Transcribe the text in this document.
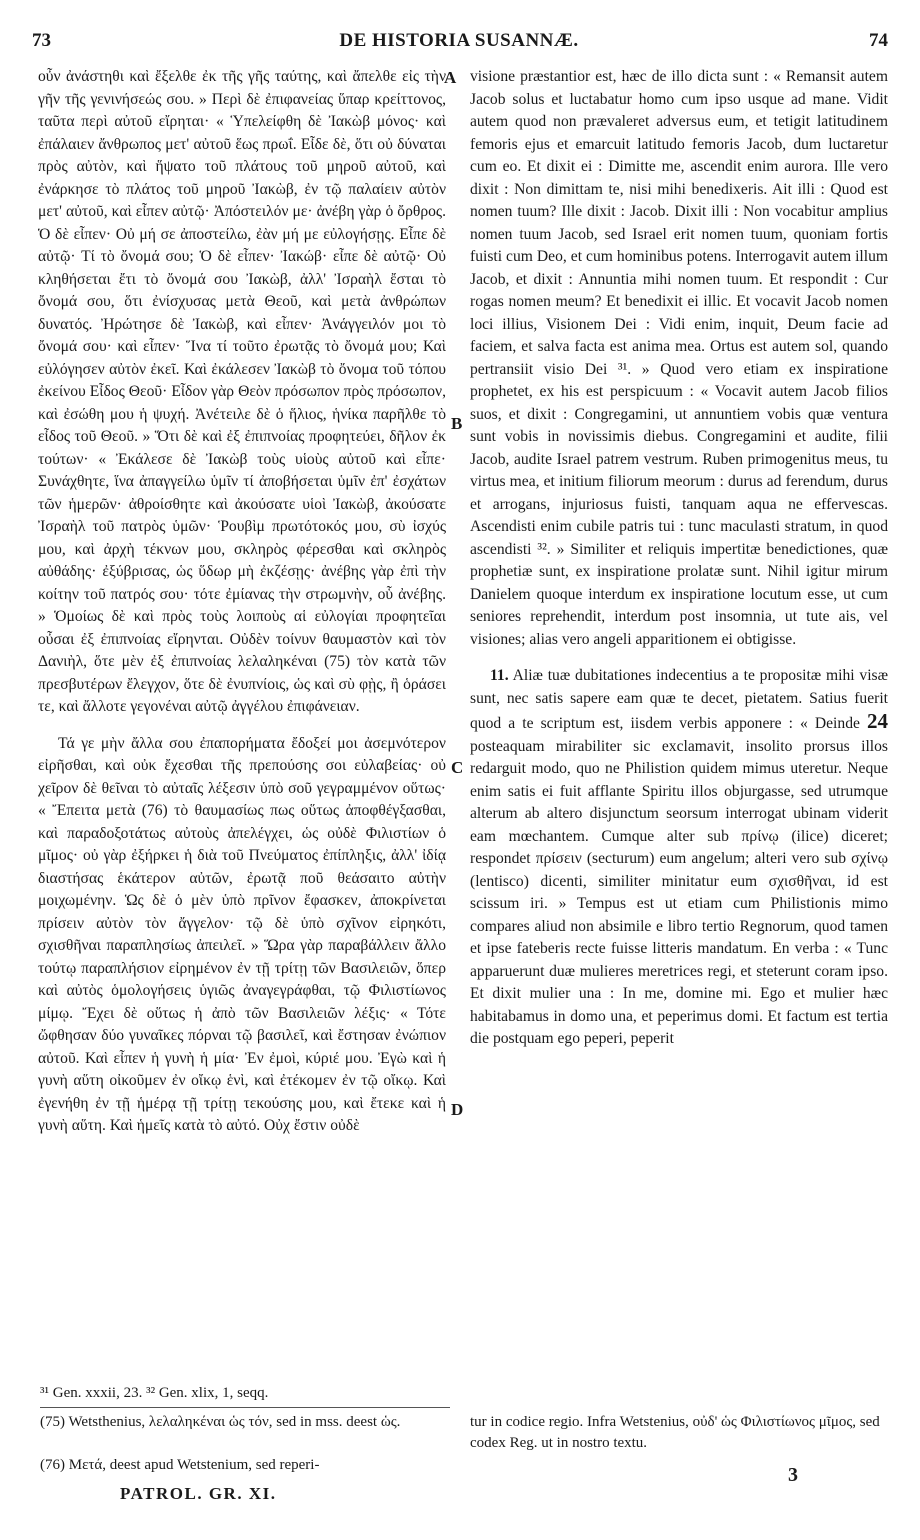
73	DE HISTORIA SUSANNÆ.	74

οὖν ἀνάστηθι καὶ ἔξελθε ἐκ τῆς γῆς ταύτης, καὶ ἄπελθε εἰς τὴν γῆν τῆς γενινήσεώς σου. » Περὶ δὲ ἐπιφανείας ὕπαρ κρείττονος, ταῦτα περὶ αὐτοῦ εἴρηται· « Ὑπελείφθη δὲ Ἰακὼβ μόνος· καὶ ἐπάλαιεν ἄνθρωπος μετ' αὐτοῦ ἕως πρωΐ. Εἶδε δὲ, ὅτι οὐ δύναται πρὸς αὐτὸν, καὶ ἥψατο τοῦ πλάτους τοῦ μηροῦ αὐτοῦ, καὶ ἐνάρκησε τὸ πλάτος τοῦ μηροῦ Ἰακὼβ, ἐν τῷ παλαίειν αὐτὸν μετ' αὐτοῦ, καὶ εἶπεν αὐτῷ· Ἀπόστειλόν με· ἀνέβη γὰρ ὁ ὄρθρος. Ὁ δὲ εἶπεν· Οὐ μή σε ἀποστείλω, ἐὰν μή με εὐλογήσῃς. Εἶπε δὲ αὐτῷ· Τί τὸ ὄνομά σου; Ὁ δὲ εἶπεν· Ἰακώβ· εἶπε δὲ αὐτῷ· Οὐ κληθήσεται ἔτι τὸ ὄνομά σου Ἰακὼβ, ἀλλ' Ἰσραὴλ ἔσται τὸ ὄνομά σου, ὅτι ἐνίσχυσας μετὰ Θεοῦ, καὶ μετὰ ἀνθρώπων δυνατός. Ἠρώτησε δὲ Ἰακὼβ, καὶ εἶπεν· Ἀνάγγειλόν μοι τὸ ὄνομά σου· καὶ εἶπεν· Ἵνα τί τοῦτο ἐρωτᾷς τὸ ὄνομά μου; Καὶ εὐλόγησεν αὐτὸν ἐκεῖ. Καὶ ἐκάλεσεν Ἰακὼβ τὸ ὄνομα τοῦ τόπου ἐκείνου Εἶδος Θεοῦ· Εἶδον γὰρ Θεὸν πρόσωπον πρὸς πρόσωπον, καὶ ἐσώθη μου ἡ ψυχή. Ἀνέτειλε δὲ ὁ ἥλιος, ἡνίκα παρῆλθε τὸ εἶδος τοῦ Θεοῦ. » Ὅτι δὲ καὶ ἐξ ἐπιπνοίας προφητεύει, δῆλον ἐκ τούτων· « Ἐκάλεσε δὲ Ἰακὼβ τοὺς υἱοὺς αὐτοῦ καὶ εἶπε· Συνάχθητε, ἵνα ἀπαγγείλω ὑμῖν τί ἀποβήσεται ὑμῖν ἐπ' ἐσχάτων τῶν ἡμερῶν· ἀθροίσθητε καὶ ἀκούσατε υἱοὶ Ἰακὼβ, ἀκούσατε Ἰσραὴλ τοῦ πατρὸς ὑμῶν· Ῥουβὶμ πρωτότοκός μου, σὺ ἰσχύς μου, καὶ ἀρχὴ τέκνων μου, σκληρὸς φέρεσθαι καὶ σκληρὸς αὐθάδης· ἐξύβρισας, ὡς ὕδωρ μὴ ἐκζέσῃς· ἀνέβης γὰρ ἐπὶ τὴν κοίτην τοῦ πατρός σου· τότε ἐμίανας τὴν στρωμνὴν, οὗ ἀνέβης. » Ὁμοίως δὲ καὶ πρὸς τοὺς λοιποὺς αἱ εὐλογίαι προφητεῖαι οὖσαι ἐξ ἐπιπνοίας εἴρηνται. Οὐδὲν τοίνυν θαυμαστὸν καὶ τὸν Δανιὴλ, ὅτε μὲν ἐξ ἐπιπνοίας λελαληκέναι (75) τὸν κατὰ τῶν πρεσβυτέρων ἔλεγχον, ὅτε δὲ ἐνυπνίοις, ὡς καὶ σὺ φῂς, ἢ ὁράσει τε, καὶ ἄλλοτε γεγονέναι αὐτῷ ἀγγέλου ἐπιφάνειαν.

Τά γε μὴν ἄλλα σου ἐπαπορήματα ἔδοξεί μοι ἀσεμνότερον εἰρῆσθαι, καὶ οὐκ ἔχεσθαι τῆς πρεπούσης σοι εὐλαβείας· οὐ χεῖρον δὲ θεῖναι τὸ αὐταῖς λέξεσιν ὑπὸ σοῦ γεγραμμένον οὕτως· « Ἔπειτα μετὰ (76) τὸ θαυμασίως πως οὕτως ἀποφθέγξασθαι, καὶ παραδοξοτάτως αὐτοὺς ἀπελέγχει, ὡς οὐδὲ Φιλιστίων ὁ μῖμος· οὐ γὰρ ἐξήρκει ἡ διὰ τοῦ Πνεύματος ἐπίπληξις, ἀλλ' ἰδίᾳ διαστήσας ἑκάτερον αὐτῶν, ἐρωτᾷ ποῦ θεάσαιτο αὐτὴν μοιχωμένην. Ὡς δὲ ὁ μὲν ὑπὸ πρῖνον ἔφασκεν, ἀποκρίνεται πρίσειν αὐτὸν τὸν ἄγγελον· τῷ δὲ ὑπὸ σχῖνον εἰρηκότι, σχισθῆναι παραπλησίως ἀπειλεῖ. » Ὥρα γὰρ παραβάλλειν ἄλλο τούτῳ παραπλήσιον εἰρημένον ἐν τῇ τρίτῃ τῶν Βασιλειῶν, ὅπερ καὶ αὐτὸς ὁμολογήσεις ὑγιῶς ἀναγεγράφθαι, τῷ Φιλιστίωνος μίμῳ. Ἔχει δὲ οὕτως ἡ ἀπὸ τῶν Βασιλειῶν λέξις· « Τότε ὤφθησαν δύο γυναῖκες πόρναι τῷ βασιλεῖ, καὶ ἔστησαν ἐνώπιον αὐτοῦ. Καὶ εἶπεν ἡ γυνὴ ἡ μία· Ἐν ἐμοὶ, κύριέ μου. Ἐγὼ καὶ ἡ γυνὴ αὕτη οἰκοῦμεν ἐν οἴκῳ ἑνὶ, καὶ ἐτέκομεν ἐν τῷ οἴκῳ. Καὶ ἐγενήθη ἐν τῇ ἡμέρᾳ τῇ τρίτῃ τεκούσης μου, καὶ ἔτεκε καὶ ἡ γυνὴ αὕτη. Καὶ ἡμεῖς κατὰ τὸ αὐτό. Οὐχ ἔστιν οὐδὲ

A
B
C
D

visione præstantior est, hæc de illo dicta sunt : « Remansit autem Jacob solus et luctabatur homo cum ipso usque ad mane. Vidit autem quod non prævaleret adversus eum, et tetigit latitudinem femoris ejus et emarcuit latitudo femoris Jacob, dum luctaretur cum eo. Et dixit ei : Dimitte me, ascendit enim aurora. Ille vero dixit : Non dimittam te, nisi mihi benedixeris. Ait illi : Quod est nomen tuum? Ille dixit : Jacob. Dixit illi : Non vocabitur amplius nomen tuum Jacob, sed Israel erit nomen tuum, quoniam fortis fuisti cum Deo, et cum hominibus potens. Interrogavit autem illum Jacob, et dixit : Annuntia mihi nomen tuum. Et respondit : Cur rogas nomen meum? Et benedixit ei illic. Et vocavit Jacob nomen loci illius, Visionem Dei : Vidi enim, inquit, Deum facie ad faciem, et salva facta est anima mea. Ortus est autem sol, quando pertransiit visio Dei ³¹. » Quod vero etiam ex inspiratione prophetet, ex his est perspicuum : « Vocavit autem Jacob filios suos, et dixit : Congregamini, ut annuntiem vobis quæ ventura sunt vobis in novissimis diebus. Congregamini et audite, filii Jacob, audite Israel patrem vestrum. Ruben primogenitus meus, tu virtus mea, et initium filiorum meorum : durus ad ferendum, durus et arrogans, injuriosus fuisti, tanquam aqua ne effervescas. Ascendisti enim cubile patris tui : tunc maculasti stratum, in quod ascendisti ³². » Similiter et reliquis impertitæ benedictiones, quæ prophetiæ sunt, ex inspiratione prolatæ sunt. Nihil igitur mirum Danielem quoque interdum ex inspiratione locutum esse, ut cum seniores reprehendit, interdum post insomnia, ut tute ais, vel visiones; alias vero angeli apparitionem ei obtigisse.

11. Aliæ tuæ dubitationes indecentius a te propositæ mihi visæ sunt, nec satis sapere eam quæ te decet, pietatem. Satius fuerit quod a te scriptum est, iisdem verbis apponere : « Deinde 24 posteaquam mirabiliter sic exclamavit, insolito prorsus illos redarguit modo, quo ne Philistion quidem mimus uteretur. Neque enim satis ei fuit afflante Spiritu illos objurgasse, sed utrumque alterum ab altero disjunctum seorsum interrogat ubinam viderit eam mœchantem. Cumque alter sub πρίνῳ (ilice) diceret; respondet πρίσειν (secturum) eum angelum; alteri vero sub σχίνῳ (lentisco) dicenti, similiter minitatur eum σχισθῆναι, id est scissum iri. » Tempus est ut etiam cum Philistionis mimo compares aliud non absimile e libro tertio Regnorum, quod tamen et ipse fateberis recte fuisse litteris mandatum. En verba : « Tunc apparuerunt duæ mulieres meretrices regi, et steterunt coram ipso. Et dixit mulier una : In me, domine mi. Ego et mulier hæc habitabamus in domo una, et peperimus domi. Et factum est tertia die postquam ego peperi, peperit

³¹ Gen. xxxii, 23. ³² Gen. xlix, 1, seqq.
(75) Wetsthenius, λελαληκέναι ὡς τόν, sed in mss. deest ὡς.
(76) Μετά, deest apud Wetstenium, sed reperi-
tur in codice regio. Infra Wetstenius, οὐδ' ὡς Φιλιστίωνος μῖμος, sed codex Reg. ut in nostro textu.
PATROL. GR. XI.
3
